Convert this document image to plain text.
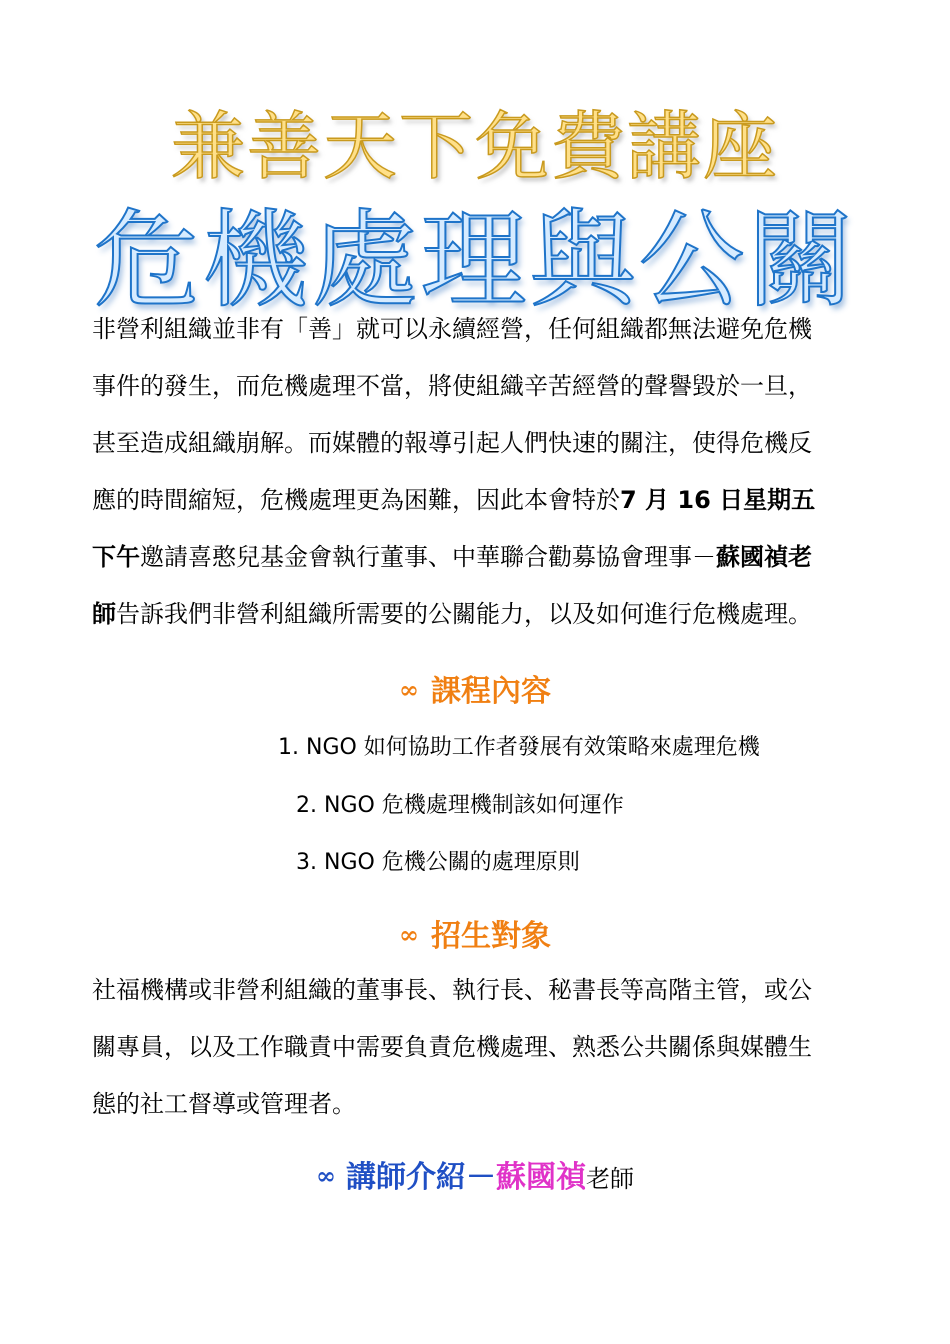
兼善天下免費講座
危機處理與公關
非營利組織並非有「善」就可以永續經營，任何組織都無法避免危機
事件的發生，而危機處理不當，將使組織辛苦經營的聲譽毀於一旦，
甚至造成組織崩解。而媒體的報導引起人們快速的關注，使得危機反
應的時間縮短，危機處理更為困難，因此本會特於7 月 16 日星期五
下午邀請喜憨兒基金會執行董事、中華聯合勸募協會理事－蘇國禎老
師告訴我們非營利組織所需要的公關能力，以及如何進行危機處理。
∞ 課程內容
1. NGO 如何協助工作者發展有效策略來處理危機
2. NGO 危機處理機制該如何運作
3. NGO 危機公關的處理原則
∞ 招生對象
社福機構或非營利組織的董事長、執行長、秘書長等高階主管，或公
關專員，以及工作職責中需要負責危機處理、熟悉公共關係與媒體生
態的社工督導或管理者。
∞ 講師介紹－蘇國禎老師
